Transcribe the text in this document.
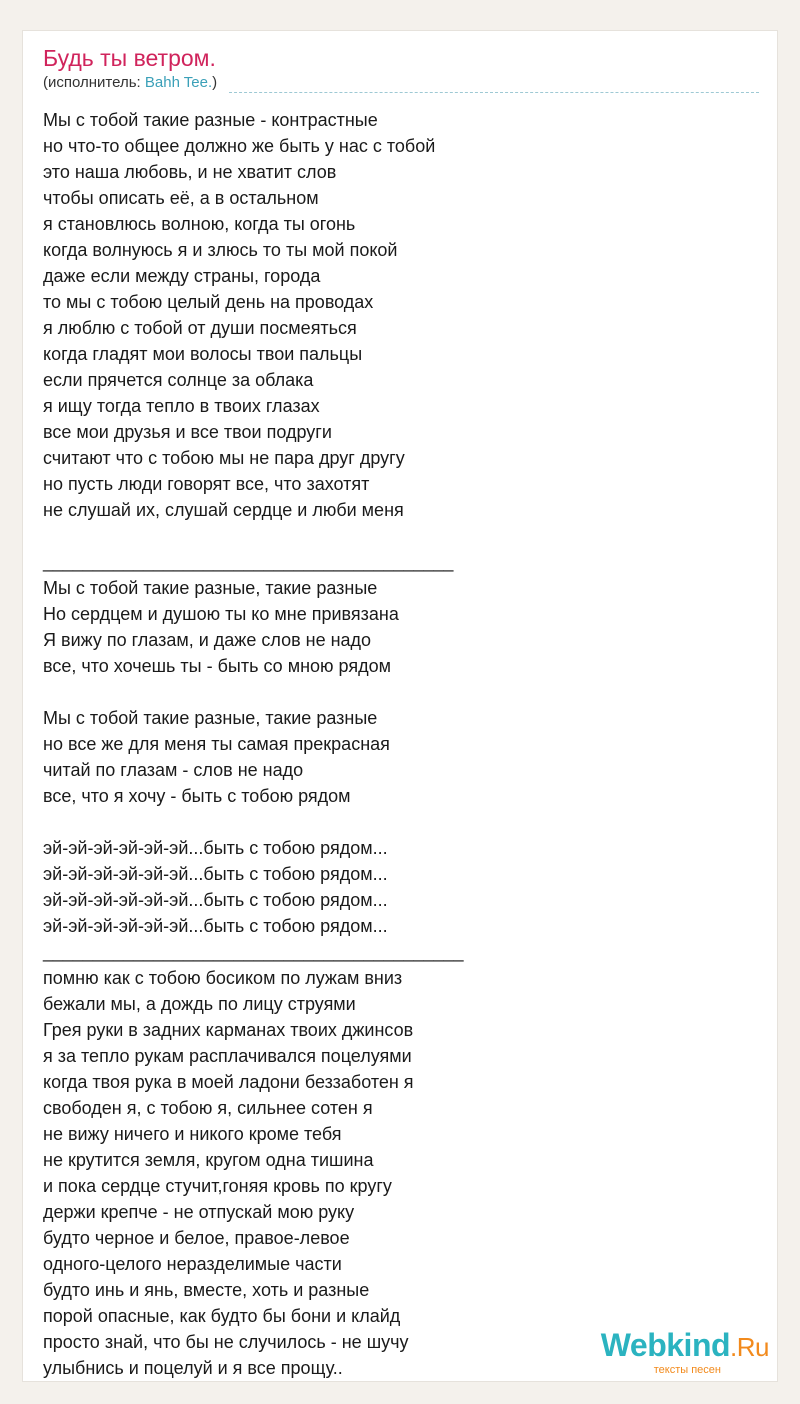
Будь ты ветром.
(исполнитель: Bahh Tee.)
Мы с тобой такие разные - контрастные
но что-то общее должно же быть у нас с тобой
это наша любовь, и не хватит слов
чтобы описать её, а в остальном
я становлюсь волною, когда ты огонь
когда волнуюсь я и злюсь то ты мой покой
даже если между страны, города
то мы с тобою целый день на проводах
я люблю с тобой от души посмеяться
когда гладят мои волосы твои пальцы
если прячется солнце за облака
я ищу тогда тепло в твоих глазах
все мои друзья и все твои подруги
считают что с тобою мы не пара друг другу
но пусть люди говорят все, что захотят
не слушай их, слушай сердце и люби меня
_________________________________________
Мы с тобой такие разные, такие разные
Но сердцем и душою ты ко мне привязана
Я вижу по глазам, и даже слов не надо
все, что хочешь ты - быть со мною рядом
Мы с тобой такие разные, такие разные
но все же для меня ты самая прекрасная
читай по глазам - слов не надо
все, что я хочу - быть с тобою рядом
эй-эй-эй-эй-эй-эй...быть с тобою рядом...
эй-эй-эй-эй-эй-эй...быть с тобою рядом...
эй-эй-эй-эй-эй-эй...быть с тобою рядом...
эй-эй-эй-эй-эй-эй...быть с тобою рядом...
__________________________________________
помню как с тобою босиком по лужам вниз
бежали мы, а дождь по лицу струями
Грея руки в задних карманах твоих джинсов
я за тепло рукам расплачивался поцелуями
когда твоя рука в моей ладони беззаботен я
свободен я, с тобою я, сильнее сотен я
не вижу ничего и никого кроме тебя
не крутится земля, кругом одна тишина
и пока сердце стучит,гоняя кровь по кругу
держи крепче - не отпускай мою руку
будто черное и белое, правое-левое
одного-целого неразделимые части
будто инь и янь, вместе, хоть и разные
порой опасные, как будто бы бони и клайд
просто знай, что бы не случилось - не шучу
улыбнись и поцелуй и я все прощу..
Webkind.Ru
тексты песен
